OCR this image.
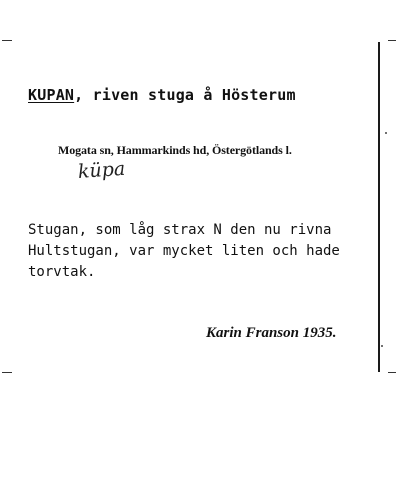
KUPAN, riven stuga å Hösterum
Mogata sn, Hammarkinds hd, Östergötlands l.
küpa
Stugan, som låg strax N den nu rivna
Hultstugan, var mycket liten och hade
torvtak.
Karin Franson 1935.
